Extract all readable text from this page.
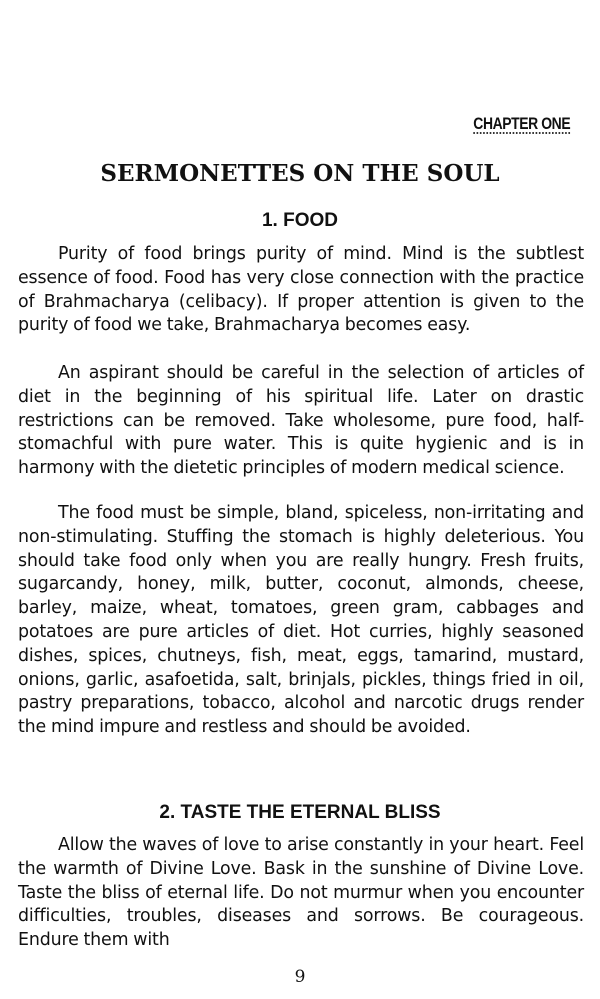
CHAPTER ONE
SERMONETTES ON THE SOUL
1. FOOD

Purity of food brings purity of mind. Mind is the subtlest essence of food. Food has very close connection with the practice of Brahmacharya (celibacy). If proper attention is given to the purity of food we take, Brahmacharya becomes easy.

An aspirant should be careful in the selection of articles of diet in the beginning of his spiritual life. Later on drastic restrictions can be removed. Take wholesome, pure food, half-stomachful with pure water. This is quite hygienic and is in harmony with the dietetic principles of modern medical science.

The food must be simple, bland, spiceless, non-irritating and non-stimulating. Stuffing the stomach is highly deleterious. You should take food only when you are really hungry. Fresh fruits, sugarcandy, honey, milk, butter, coconut, almonds, cheese, barley, maize, wheat, tomatoes, green gram, cabbages and potatoes are pure articles of diet. Hot curries, highly seasoned dishes, spices, chutneys, fish, meat, eggs, tamarind, mustard, onions, garlic, asafoetida, salt, brinjals, pickles, things fried in oil, pastry preparations, tobacco, alcohol and narcotic drugs render the mind impure and restless and should be avoided.

2. TASTE THE ETERNAL BLISS

Allow the waves of love to arise constantly in your heart. Feel the warmth of Divine Love. Bask in the sunshine of Divine Love. Taste the bliss of eternal life. Do not murmur when you encounter difficulties, troubles, diseases and sorrows. Be courageous. Endure them with

9
